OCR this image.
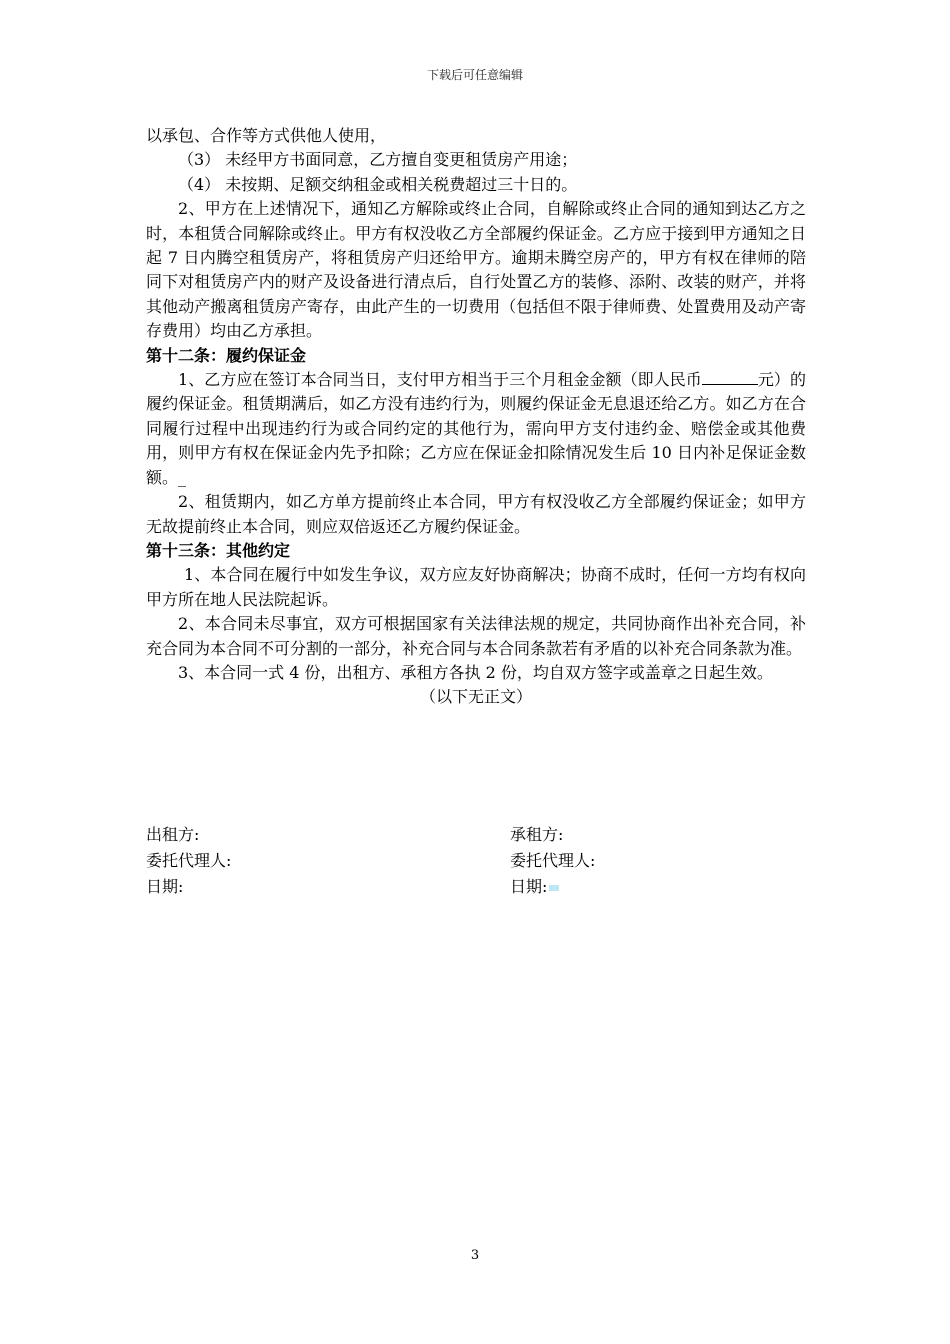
下载后可任意编辑

以承包、合作等方式供他人使用，

（3） 未经甲方书面同意，乙方擅自变更租赁房产用途；

（4） 未按期、足额交纳租金或相关税费超过三十日的。

2、甲方在上述情况下，通知乙方解除或终止合同，自解除或终止合同的通知到达乙方之时，本租赁合同解除或终止。甲方有权没收乙方全部履约保证金。乙方应于接到甲方通知之日起 7 日内腾空租赁房产，将租赁房产归还给甲方。逾期未腾空房产的，甲方有权在律师的陪同下对租赁房产内的财产及设备进行清点后，自行处置乙方的装修、添附、改装的财产，并将其他动产搬离租赁房产寄存，由此产生的一切费用（包括但不限于律师费、处置费用及动产寄存费用）均由乙方承担。

第十二条：履约保证金

1、乙方应在签订本合同当日，支付甲方相当于三个月租金金额（即人民币	元）的履约保证金。租赁期满后，如乙方没有违约行为，则履约保证金无息退还给乙方。如乙方在合同履行过程中出现违约行为或合同约定的其他行为，需向甲方支付违约金、赔偿金或其他费用，则甲方有权在保证金内先予扣除；乙方应在保证金扣除情况发生后 10 日内补足保证金数额。_

2、租赁期内，如乙方单方提前终止本合同，甲方有权没收乙方全部履约保证金；如甲方无故提前终止本合同，则应双倍返还乙方履约保证金。

第十三条：其他约定

1、本合同在履行中如发生争议，双方应友好协商解决；协商不成时，任何一方均有权向甲方所在地人民法院起诉。

2、本合同未尽事宜，双方可根据国家有关法律法规的规定，共同协商作出补充合同，补充合同为本合同不可分割的一部分，补充合同与本合同条款若有矛盾的以补充合同条款为准。

3、本合同一式 4 份，出租方、承租方各执 2 份，均自双方签字或盖章之日起生效。

（以下无正文）

出租方:	承租方:
委托代理人:	委托代理人:
日期:	日期:
3
